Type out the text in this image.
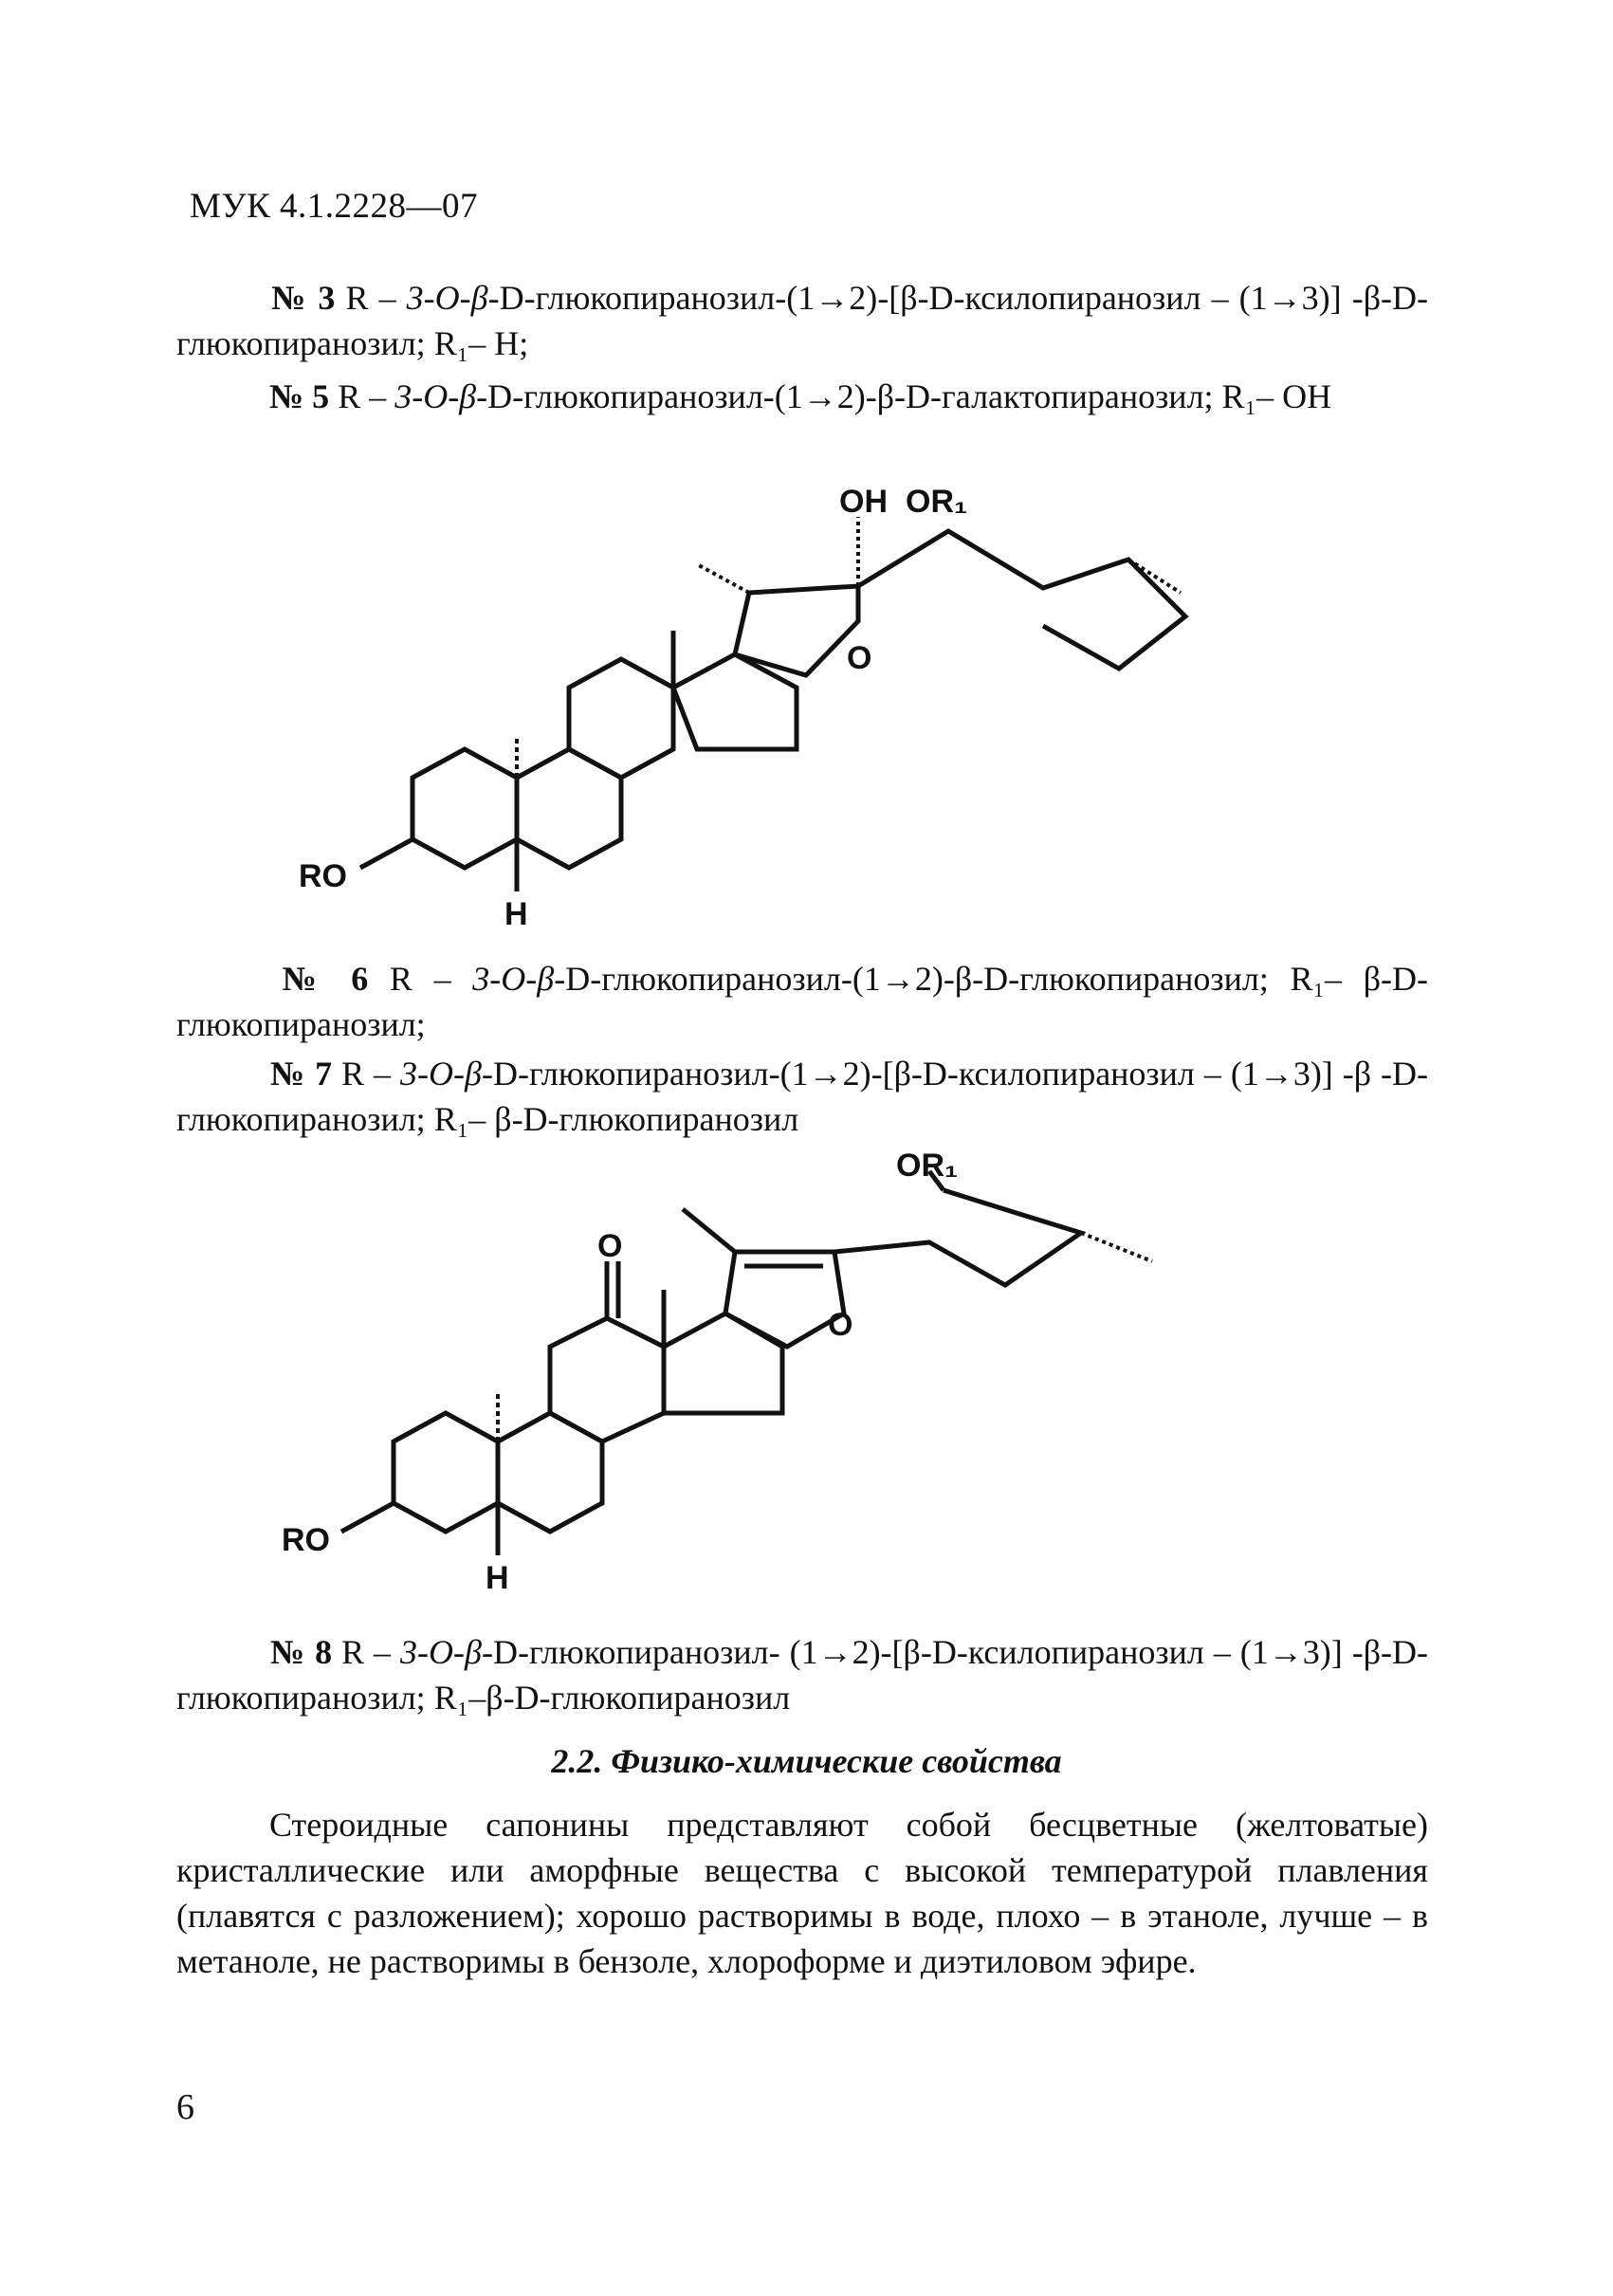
МУК 4.1.2228—07
№ 3 R – 3-O-β-D-глюкопиранозил-(1→2)-[β-D-ксилопиранозил – (1→3)] -β-D-глюкопиранозил; R₁– H;
№ 5 R – 3-O-β-D-глюкопиранозил-(1→2)-β-D-галактопиранозил; R₁– OH
OH OR₁
O
RO
H
№ 6 R – 3-O-β-D-глюкопиранозил-(1→2)-β-D-глюкопиранозил; R₁– β-D-глюкопиранозил;
№ 7 R – 3-O-β-D-глюкопиранозил-(1→2)-[β-D-ксилопиранозил – (1→3)] -β -D-глюкопиранозил; R₁– β-D-глюкопиранозил
OR₁
O
O
RO
H
№ 8 R – 3-O-β-D-глюкопиранозил- (1→2)-[β-D-ксилопиранозил – (1→3)] -β-D-глюкопиранозил; R₁–β-D-глюкопиранозил
2.2. Физико-химические свойства
Стероидные сапонины представляют собой бесцветные (желтоватые) кристаллические или аморфные вещества с высокой температурой плавления (плавятся с разложением); хорошо растворимы в воде, плохо – в этаноле, лучше – в метаноле, не растворимы в бензоле, хлороформе и диэтиловом эфире.
6
